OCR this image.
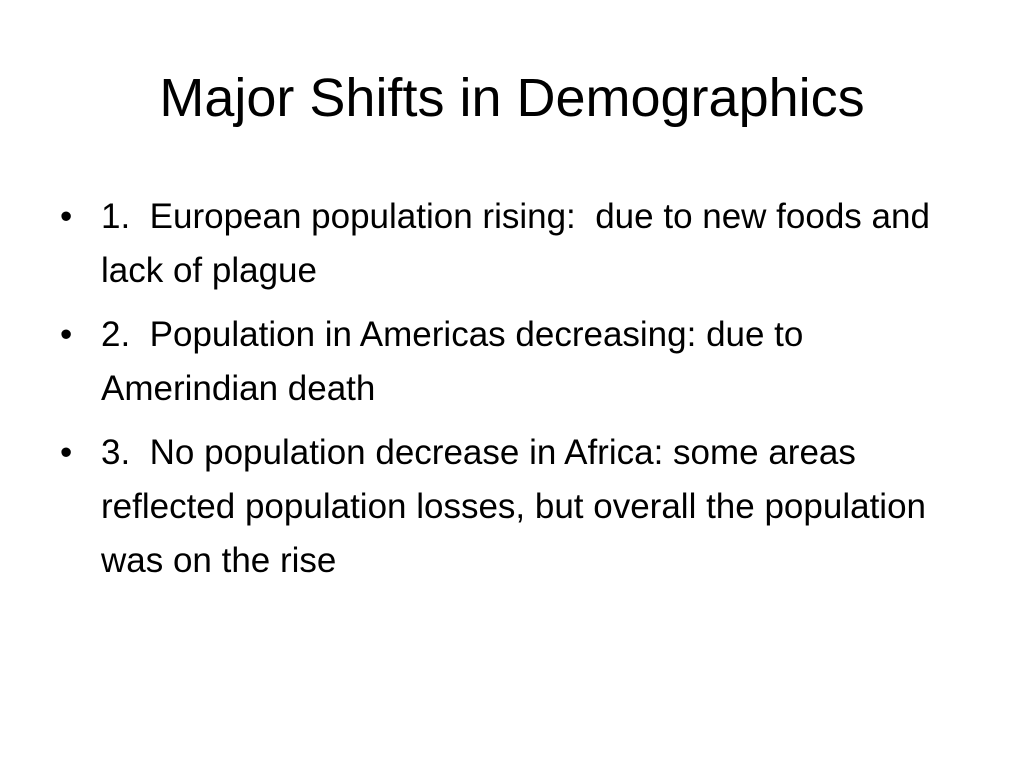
Major Shifts in Demographics
• 1.  European population rising:  due to new foods and lack of plague
• 2.  Population in Americas decreasing: due to Amerindian death
• 3.  No population decrease in Africa: some areas reflected population losses, but overall the population was on the rise
